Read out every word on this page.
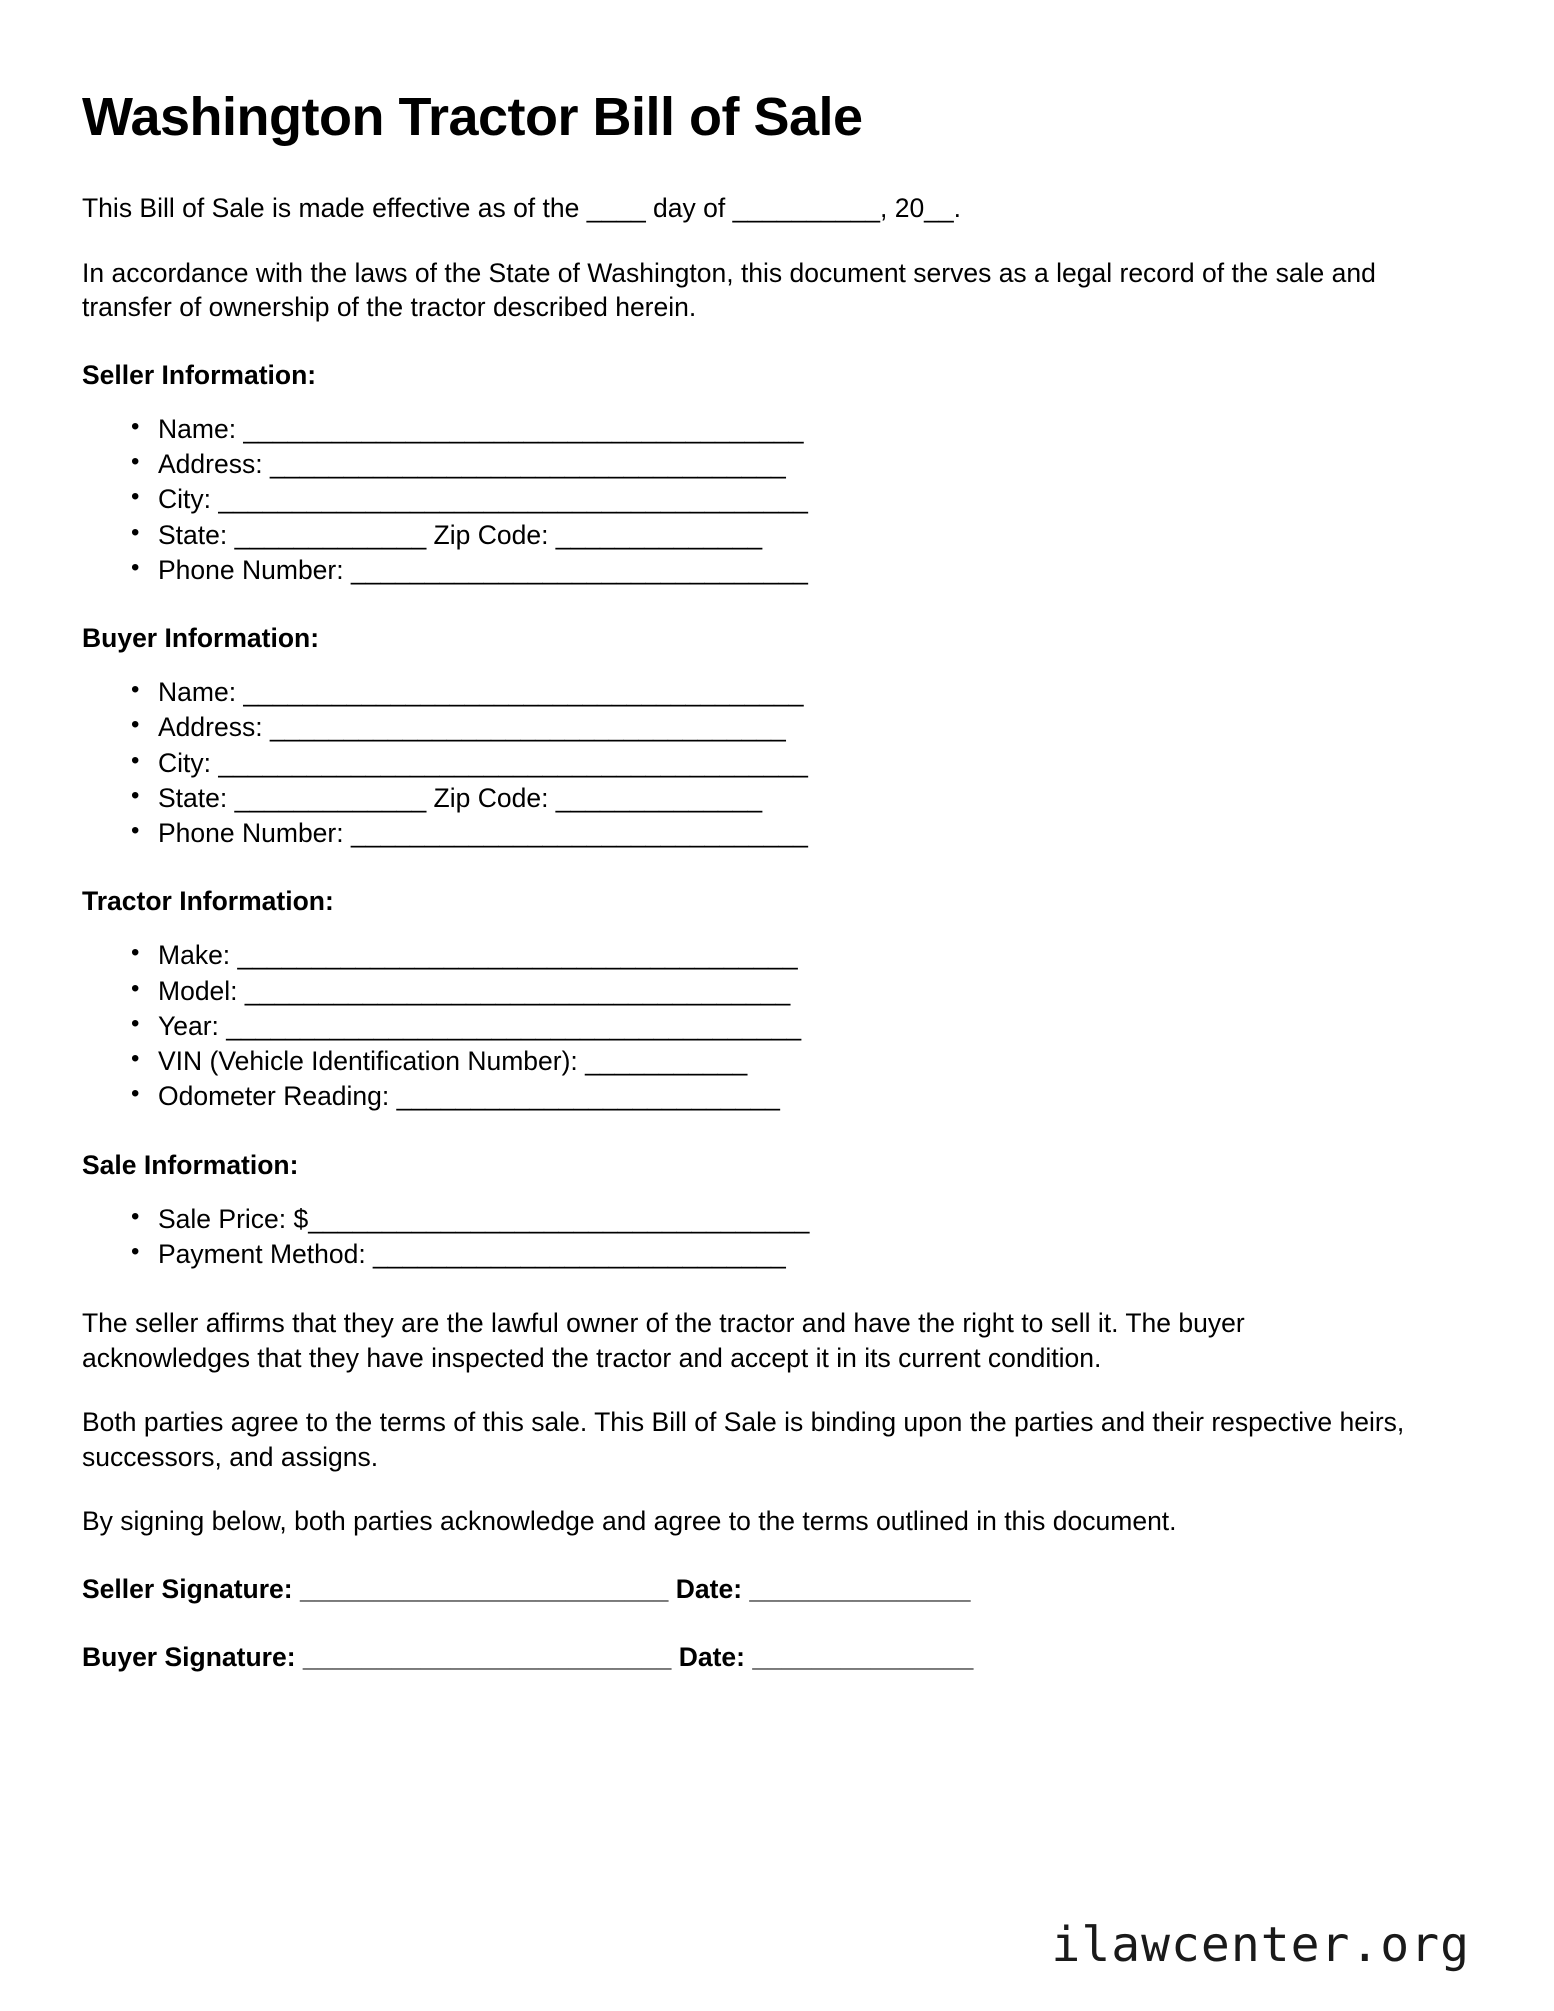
Washington Tractor Bill of Sale

This Bill of Sale is made effective as of the ____ day of __________, 20__.

In accordance with the laws of the State of Washington, this document serves as a legal record of the sale and transfer of ownership of the tractor described herein.

Seller Information:
• Name: ______________________________________
• Address: ___________________________________
• City: ________________________________________
• State: _____________ Zip Code: ______________
• Phone Number: _______________________________
Buyer Information:
• Name: ______________________________________
• Address: ___________________________________
• City: ________________________________________
• State: _____________ Zip Code: ______________
• Phone Number: _______________________________
Tractor Information:
• Make: ______________________________________
• Model: _____________________________________
• Year: _______________________________________
• VIN (Vehicle Identification Number): ___________
• Odometer Reading: __________________________
Sale Information:
• Sale Price: $__________________________________
• Payment Method: ____________________________

The seller affirms that they are the lawful owner of the tractor and have the right to sell it. The buyer acknowledges that they have inspected the tractor and accept it in its current condition.

Both parties agree to the terms of this sale. This Bill of Sale is binding upon the parties and their respective heirs, successors, and assigns.

By signing below, both parties acknowledge and agree to the terms outlined in this document.

Seller Signature: _________________________ Date: _______________
Buyer Signature: _________________________ Date: _______________
ilawcenter.org
